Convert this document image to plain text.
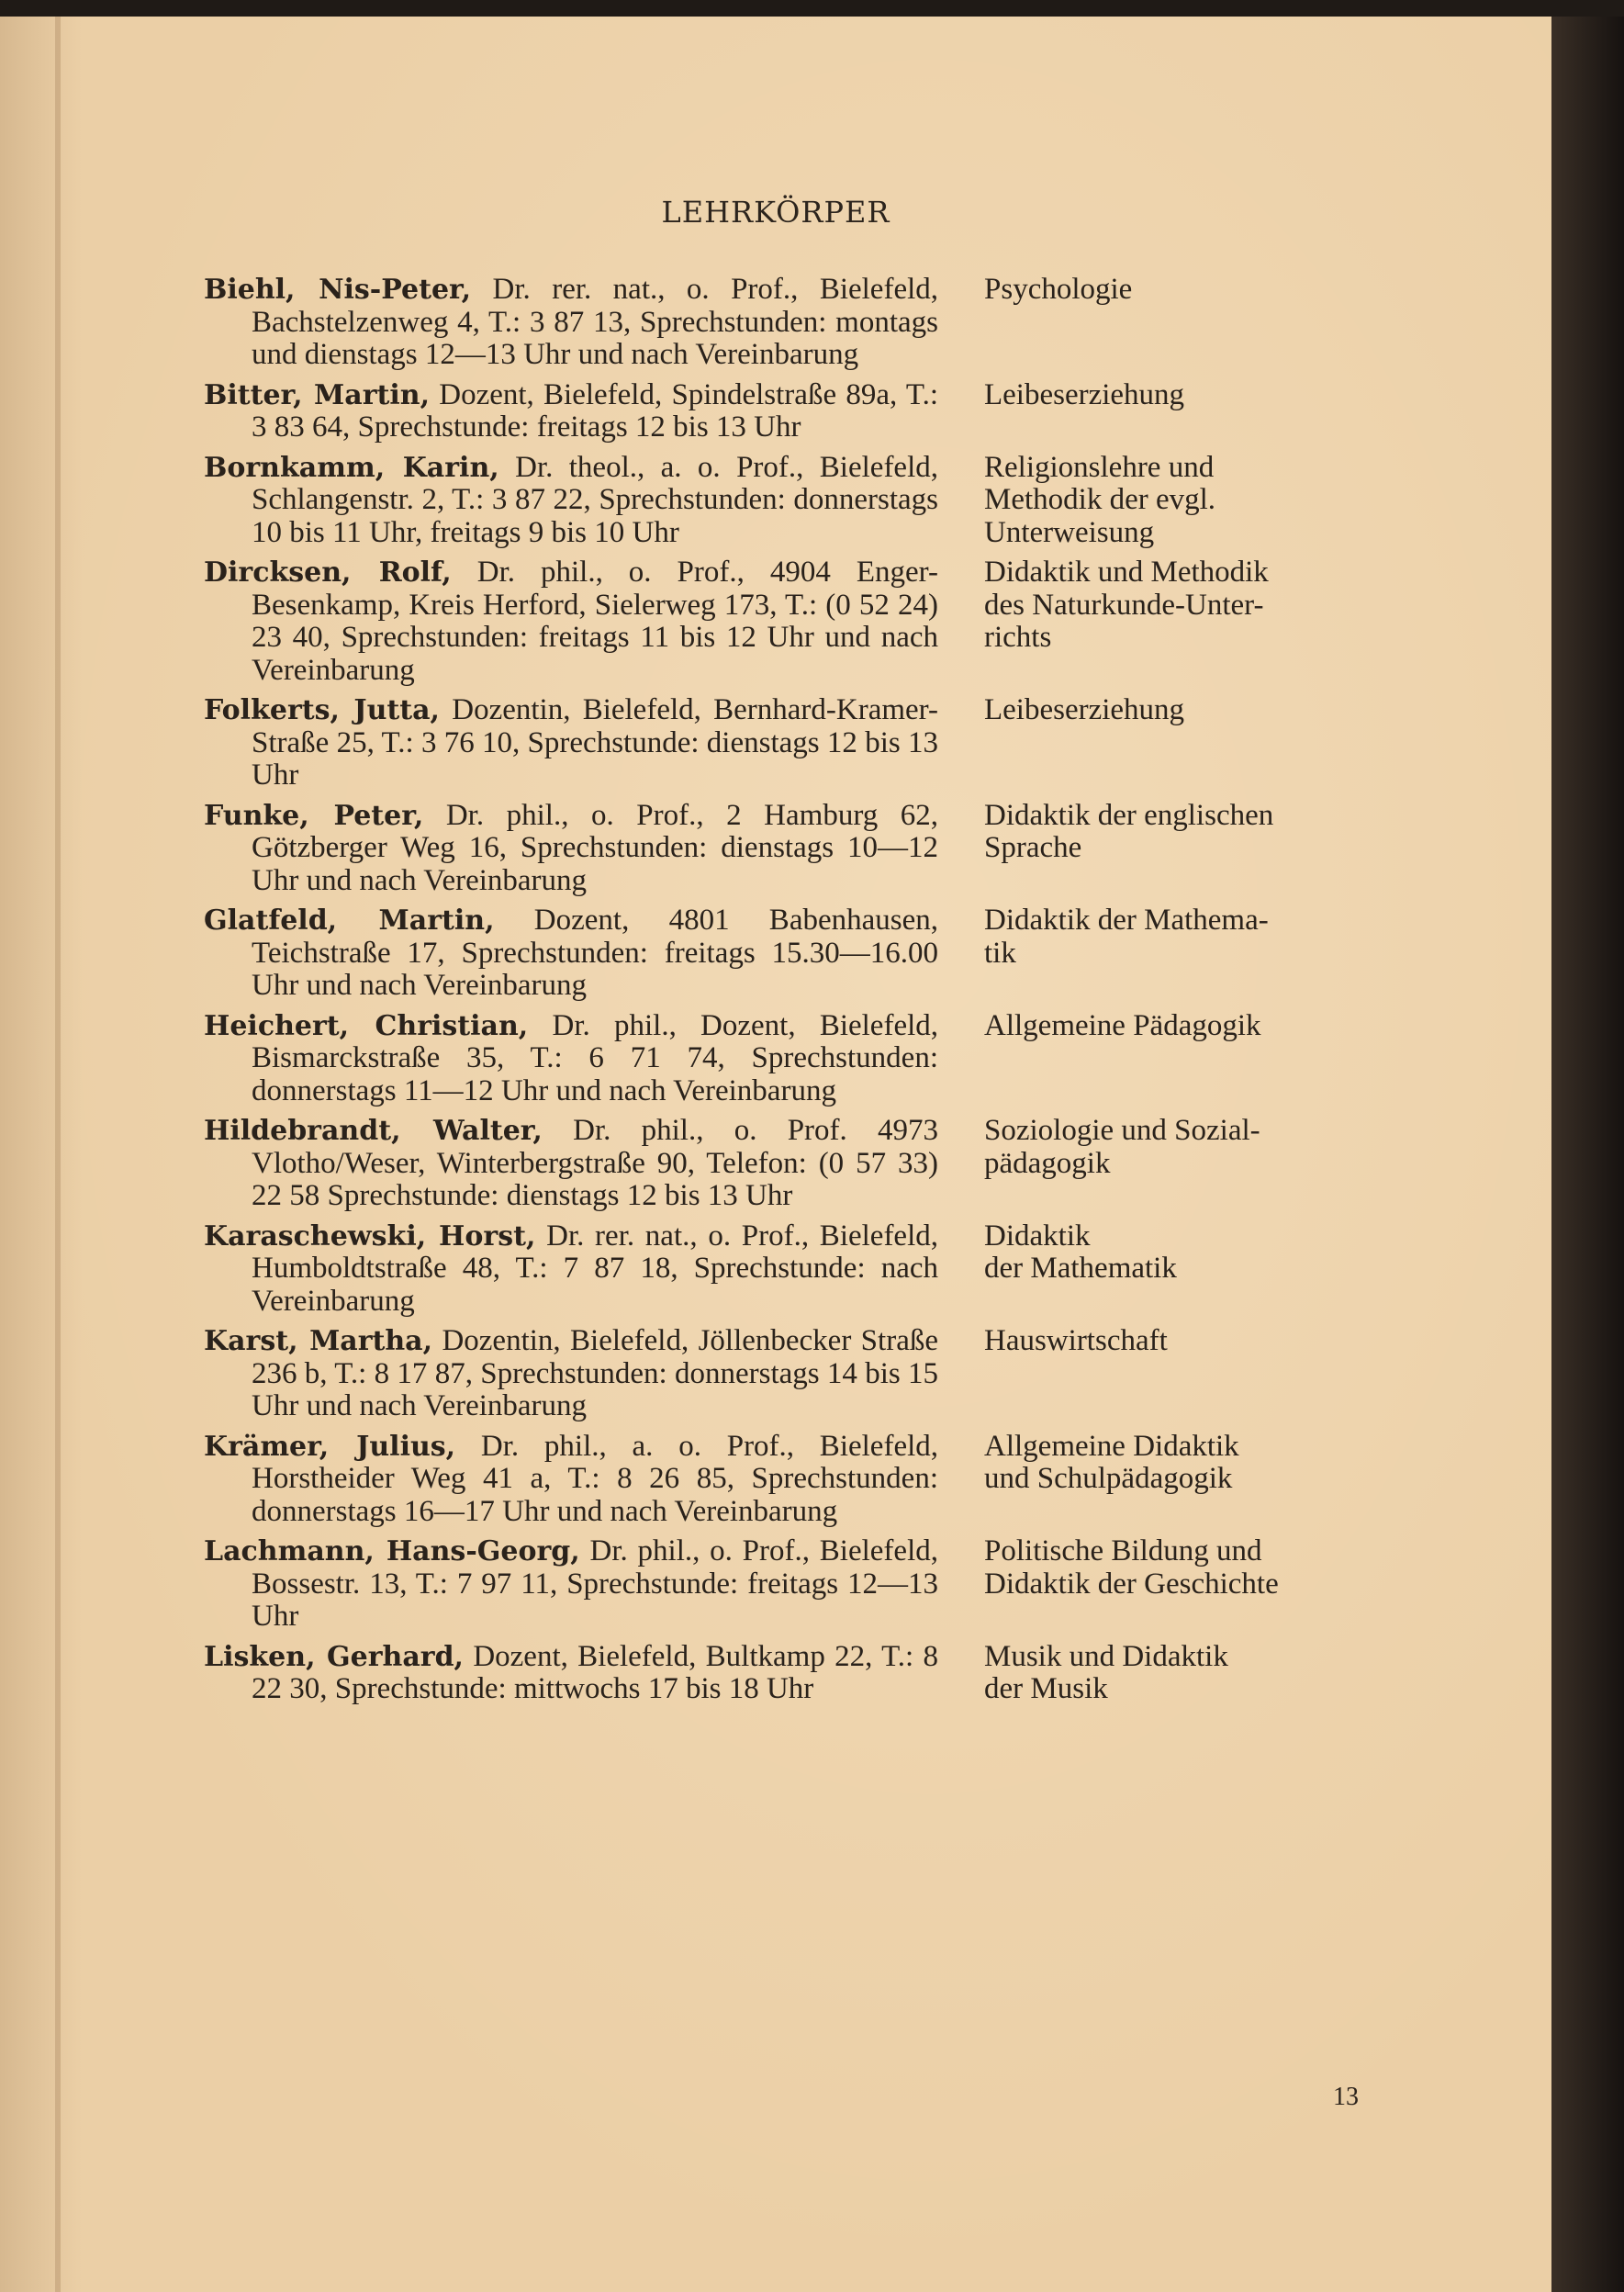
LEHRKÖRPER
Biehl, Nis-Peter, Dr. rer. nat., o. Prof., Bielefeld, Bachstelzenweg 4, T.: 3 87 13, Sprechstunden: montags und dienstags 12—13 Uhr und nach Vereinbarung
Psychologie
Bitter, Martin, Dozent, Bielefeld, Spindelstraße 89a, T.: 3 83 64, Sprechstunde: freitags 12 bis 13 Uhr
Leibeserziehung
Bornkamm, Karin, Dr. theol., a. o. Prof., Bielefeld, Schlangenstr. 2, T.: 3 87 22, Sprechstunden: donnerstags 10 bis 11 Uhr, freitags 9 bis 10 Uhr
Religionslehre und
Methodik der evgl.
Unterweisung
Dircksen, Rolf, Dr. phil., o. Prof., 4904 Enger-Besenkamp, Kreis Herford, Sielerweg 173, T.: (0 52 24) 23 40, Sprechstunden: freitags 11 bis 12 Uhr und nach Vereinbarung
Didaktik und Methodik
des Naturkunde-Unter-
richts
Folkerts, Jutta, Dozentin, Bielefeld, Bernhard-Kramer-Straße 25, T.: 3 76 10, Sprechstunde: dienstags 12 bis 13 Uhr
Leibeserziehung
Funke, Peter, Dr. phil., o. Prof., 2 Hamburg 62, Götzberger Weg 16, Sprechstunden: dienstags 10—12 Uhr und nach Vereinbarung
Didaktik der englischen
Sprache
Glatfeld, Martin, Dozent, 4801 Babenhausen, Teichstraße 17, Sprechstunden: freitags 15.30—16.00 Uhr und nach Vereinbarung
Didaktik der Mathema-
tik
Heichert, Christian, Dr. phil., Dozent, Bielefeld, Bismarckstraße 35, T.: 6 71 74, Sprechstunden: donnerstags 11—12 Uhr und nach Vereinbarung
Allgemeine Pädagogik
Hildebrandt, Walter, Dr. phil., o. Prof. 4973 Vlotho/Weser, Winterbergstraße 90, Telefon: (0 57 33) 22 58 Sprechstunde: dienstags 12 bis 13 Uhr
Soziologie und Sozial-
pädagogik
Karaschewski, Horst, Dr. rer. nat., o. Prof., Bielefeld, Humboldtstraße 48, T.: 7 87 18, Sprechstunde: nach Vereinbarung
Didaktik
der Mathematik
Karst, Martha, Dozentin, Bielefeld, Jöllenbecker Straße 236 b, T.: 8 17 87, Sprechstunden: donnerstags 14 bis 15 Uhr und nach Vereinbarung
Hauswirtschaft
Krämer, Julius, Dr. phil., a. o. Prof., Bielefeld, Horstheider Weg 41 a, T.: 8 26 85, Sprechstunden: donnerstags 16—17 Uhr und nach Vereinbarung
Allgemeine Didaktik
und Schulpädagogik
Lachmann, Hans-Georg, Dr. phil., o. Prof., Bielefeld, Bossestr. 13, T.: 7 97 11, Sprechstunde: freitags 12—13 Uhr
Politische Bildung und
Didaktik der Geschichte
Lisken, Gerhard, Dozent, Bielefeld, Bultkamp 22, T.: 8 22 30, Sprechstunde: mittwochs 17 bis 18 Uhr
Musik und Didaktik
der Musik
13
